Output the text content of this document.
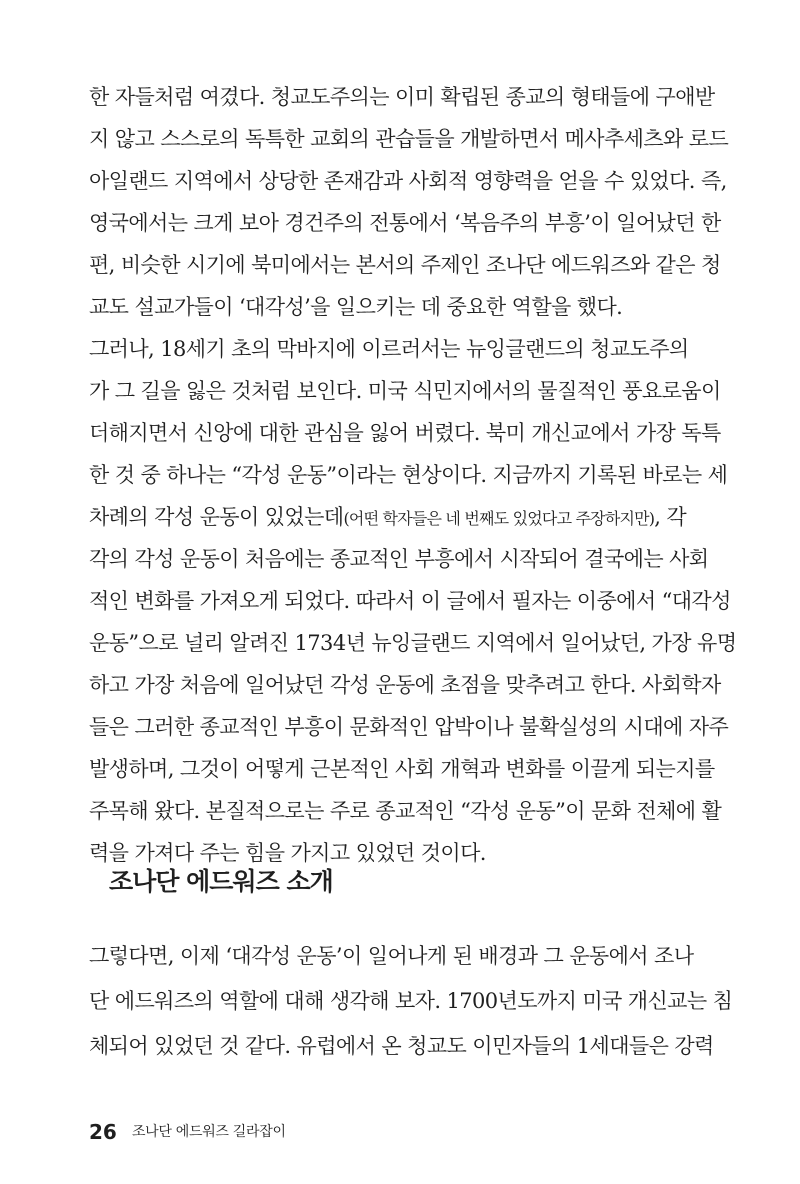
한 자들처럼 여겼다. 청교도주의는 이미 확립된 종교의 형태들에 구애받
지 않고 스스로의 독특한 교회의 관습들을 개발하면서 메사추세츠와 로드
아일랜드 지역에서 상당한 존재감과 사회적 영향력을 얻을 수 있었다. 즉,
영국에서는 크게 보아 경건주의 전통에서 ‘복음주의 부흥’이 일어났던 한
편, 비슷한 시기에 북미에서는 본서의 주제인 조나단 에드워즈와 같은 청
교도 설교가들이 ‘대각성’을 일으키는 데 중요한 역할을 했다.
그러나, 18세기 초의 막바지에 이르러서는 뉴잉글랜드의 청교도주의
가 그 길을 잃은 것처럼 보인다. 미국 식민지에서의 물질적인 풍요로움이
더해지면서 신앙에 대한 관심을 잃어 버렸다. 북미 개신교에서 가장 독특
한 것 중 하나는 “각성 운동”이라는 현상이다. 지금까지 기록된 바로는 세
차례의 각성 운동이 있었는데(어떤 학자들은 네 번째도 있었다고 주장하지만), 각
각의 각성 운동이 처음에는 종교적인 부흥에서 시작되어 결국에는 사회
적인 변화를 가져오게 되었다. 따라서 이 글에서 필자는 이중에서 “대각성
운동”으로 널리 알려진 1734년 뉴잉글랜드 지역에서 일어났던, 가장 유명
하고 가장 처음에 일어났던 각성 운동에 초점을 맞추려고 한다. 사회학자
들은 그러한 종교적인 부흥이 문화적인 압박이나 불확실성의 시대에 자주
발생하며, 그것이 어떻게 근본적인 사회 개혁과 변화를 이끌게 되는지를
주목해 왔다. 본질적으로는 주로 종교적인 “각성 운동”이 문화 전체에 활
력을 가져다 주는 힘을 가지고 있었던 것이다.
조나단 에드워즈 소개
그렇다면, 이제 ‘대각성 운동’이 일어나게 된 배경과 그 운동에서 조나
단 에드워즈의 역할에 대해 생각해 보자. 1700년도까지 미국 개신교는 침
체되어 있었던 것 같다. 유럽에서 온 청교도 이민자들의 1세대들은 강력
26 조나단 에드워즈 길라잡이
